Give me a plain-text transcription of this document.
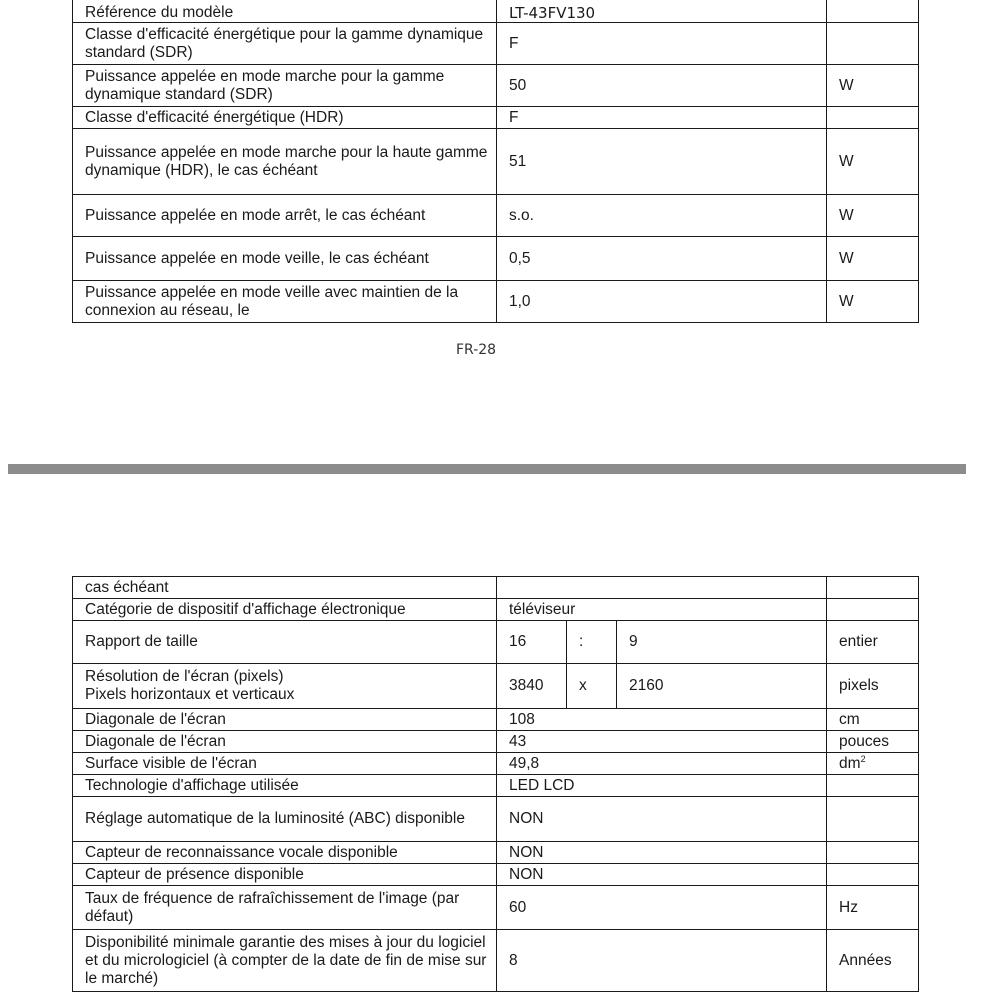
Référence du modèle	LT-43FV130	
Classe d'efficacité énergétique pour la gamme dynamique standard (SDR)	F	
Puissance appelée en mode marche pour la gamme dynamique standard (SDR)	50	W
Classe d'efficacité énergétique (HDR)	F	
Puissance appelée en mode marche pour la haute gamme dynamique (HDR), le cas échéant	51	W
Puissance appelée en mode arrêt, le cas échéant	s.o.	W
Puissance appelée en mode veille, le cas échéant	0,5	W
Puissance appelée en mode veille avec maintien de la connexion au réseau, le	1,0	W
FR-28
cas échéant				
Catégorie de dispositif d'affichage électronique	téléviseur			
Rapport de taille	16	:	9	entier
Résolution de l'écran (pixels)
Pixels horizontaux et verticaux	3840	x	2160	pixels
Diagonale de l'écran	108			cm
Diagonale de l'écran	43			pouces
Surface visible de l'écran	49,8			$dm^2$
Technologie d'affichage utilisée	LED LCD			
Réglage automatique de la luminosité (ABC) disponible	NON			
Capteur de reconnaissance vocale disponible	NON			
Capteur de présence disponible	NON			
Taux de fréquence de rafraîchissement de l'image (par défaut)	60			Hz
Disponibilité minimale garantie des mises à jour du logiciel et du micrologiciel (à compter de la date de fin de mise sur le marché)	8			Années
